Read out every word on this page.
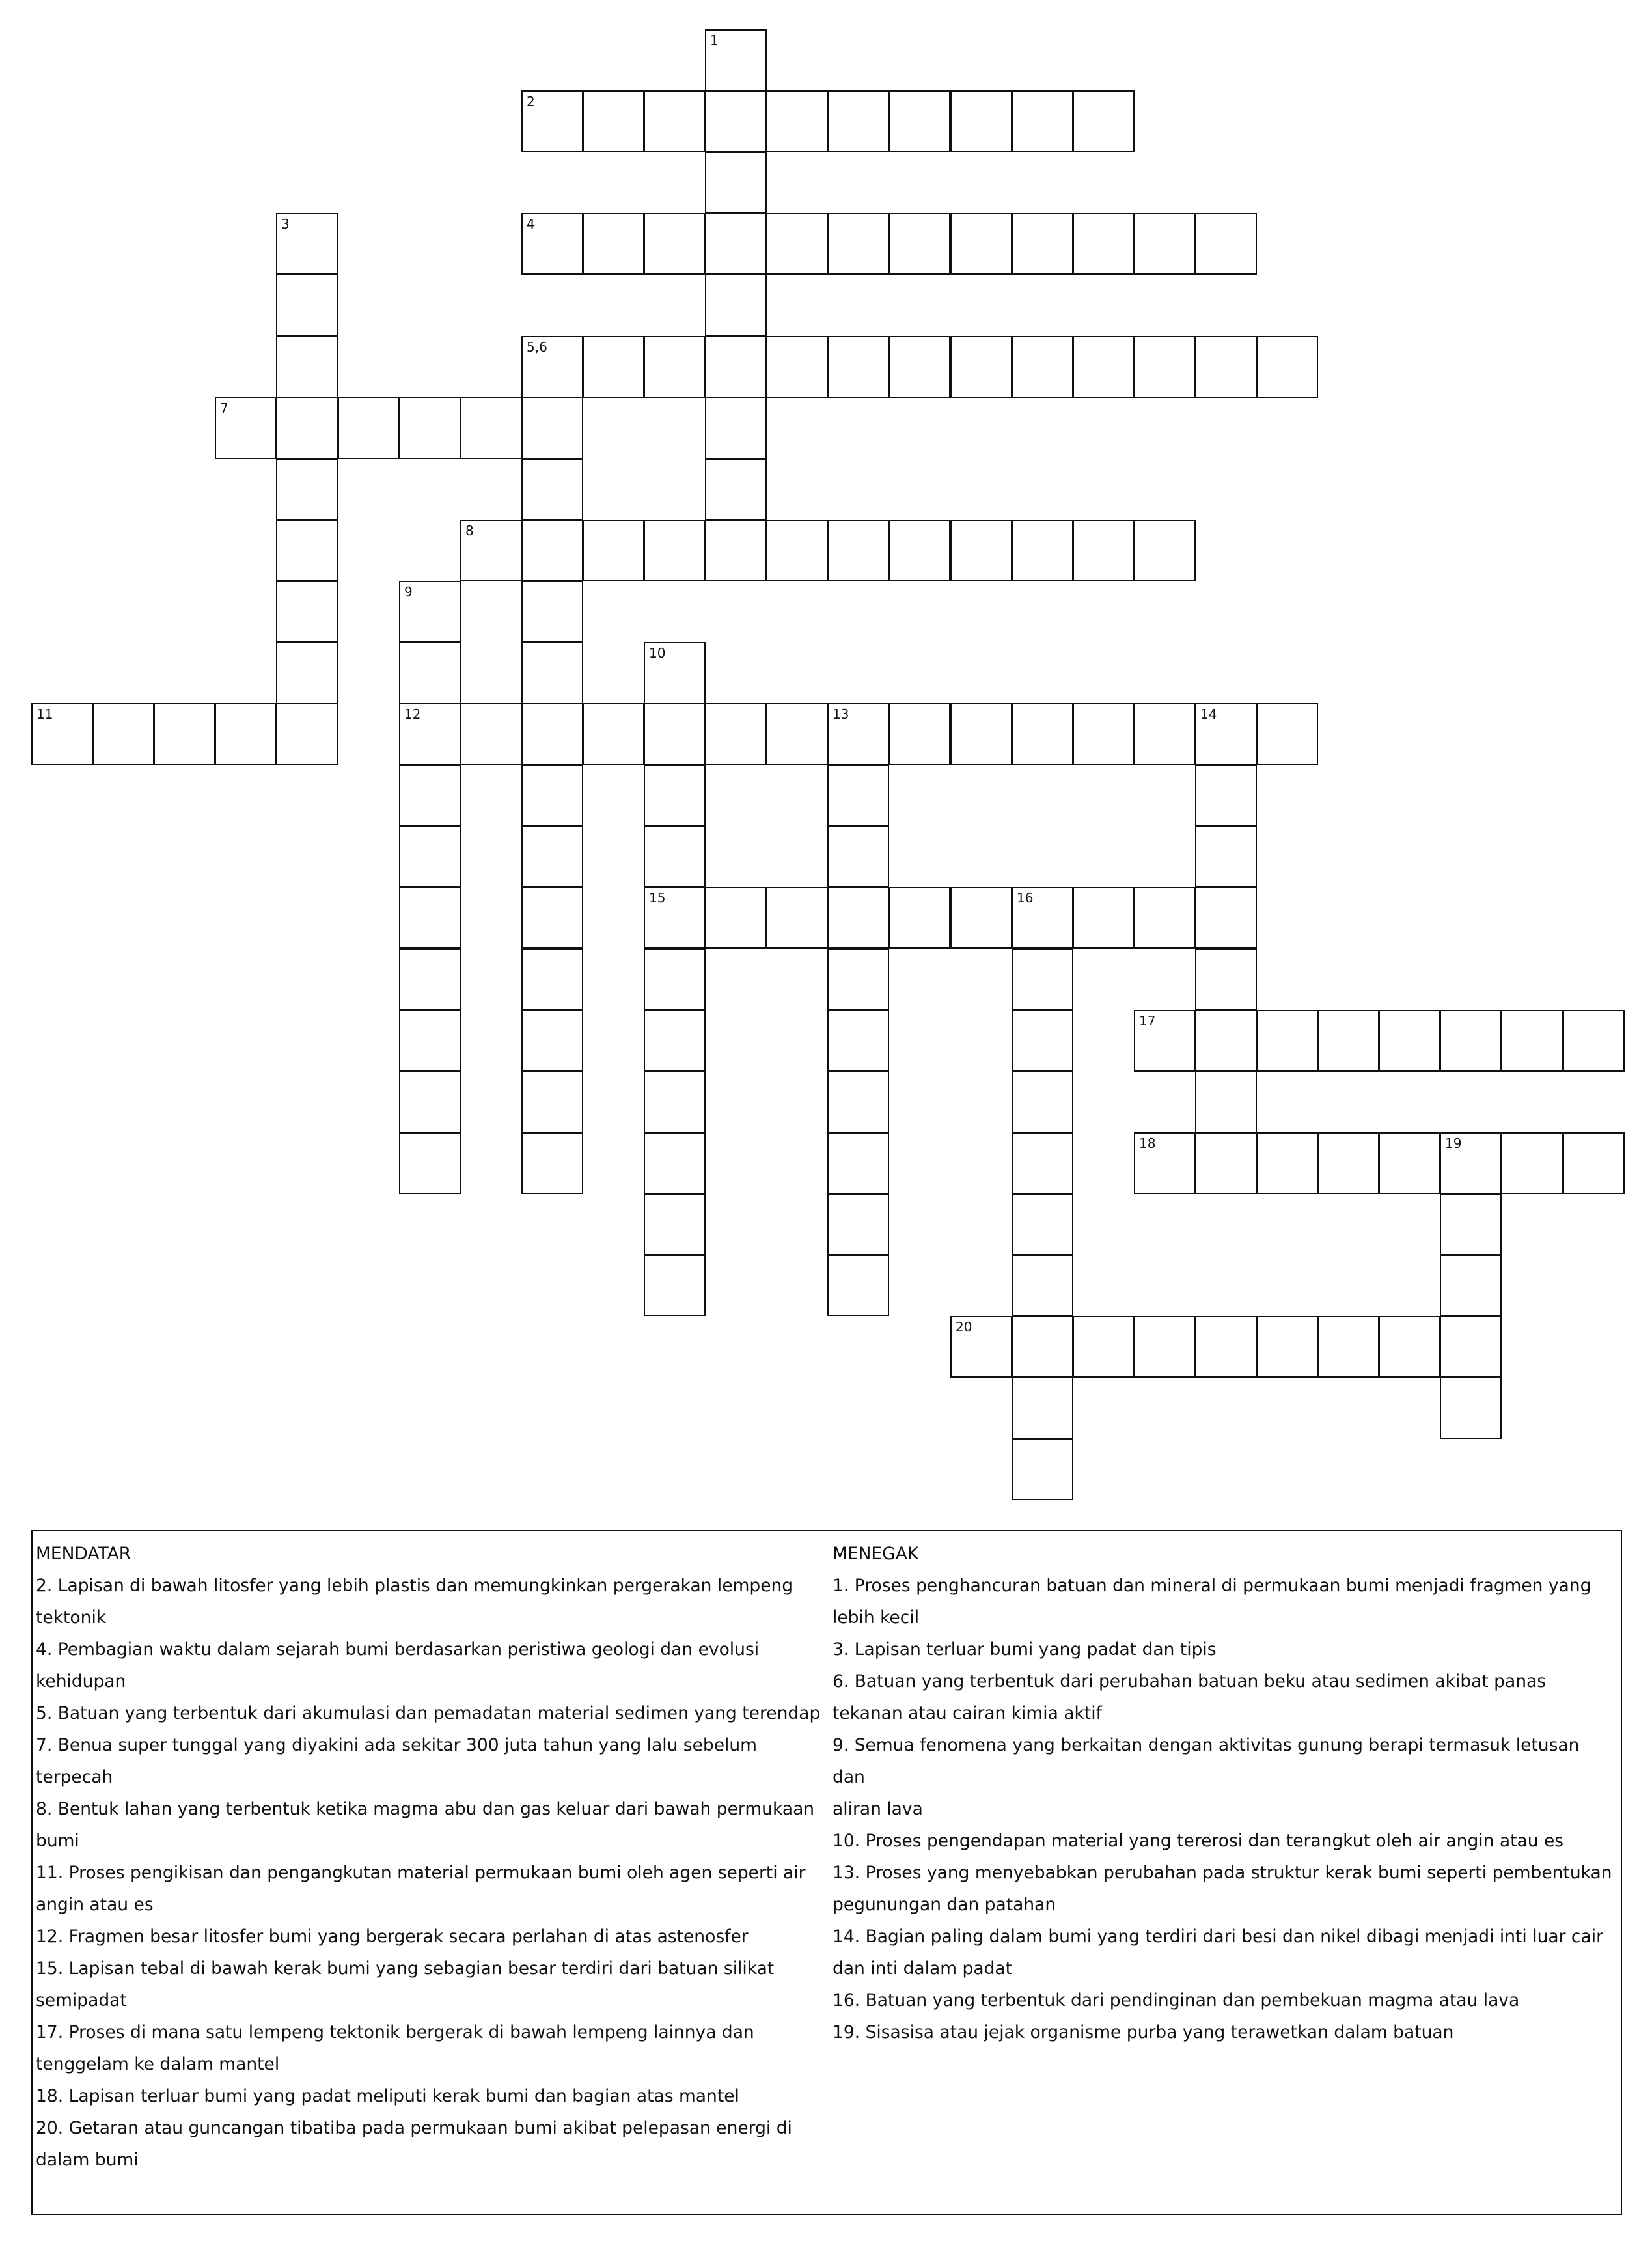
1
2
3	4
5,6
7
8
9
12
10
15
11	13	14
16
17
18	19
20

MENDATAR

2. Lapisan di bawah litosfer yang lebih plastis dan memungkinkan pergerakan lempeng

tektonik

4. Pembagian waktu dalam sejarah bumi berdasarkan peristiwa geologi dan evolusi

kehidupan

5. Batuan yang terbentuk dari akumulasi dan pemadatan material sedimen yang terendap

7. Benua super tunggal yang diyakini ada sekitar 300 juta tahun yang lalu sebelum

terpecah

8. Bentuk lahan yang terbentuk ketika magma abu dan gas keluar dari bawah permukaan

bumi

11. Proses pengikisan dan pengangkutan material permukaan bumi oleh agen seperti air

angin atau es

12. Fragmen besar litosfer bumi yang bergerak secara perlahan di atas astenosfer

15. Lapisan tebal di bawah kerak bumi yang sebagian besar terdiri dari batuan silikat

semipadat

17. Proses di mana satu lempeng tektonik bergerak di bawah lempeng lainnya dan

tenggelam ke dalam mantel

18. Lapisan terluar bumi yang padat meliputi kerak bumi dan bagian atas mantel

20. Getaran atau guncangan tibatiba pada permukaan bumi akibat pelepasan energi di

dalam bumi

MENEGAK

1. Proses penghancuran batuan dan mineral di permukaan bumi menjadi fragmen yang

lebih kecil

3. Lapisan terluar bumi yang padat dan tipis

6. Batuan yang terbentuk dari perubahan batuan beku atau sedimen akibat panas

tekanan atau cairan kimia aktif

9. Semua fenomena yang berkaitan dengan aktivitas gunung berapi termasuk letusan dan

aliran lava

10. Proses pengendapan material yang tererosi dan terangkut oleh air angin atau es

13. Proses yang menyebabkan perubahan pada struktur kerak bumi seperti pembentukan

pegunungan dan patahan

14. Bagian paling dalam bumi yang terdiri dari besi dan nikel dibagi menjadi inti luar cair

dan inti dalam padat

16. Batuan yang terbentuk dari pendinginan dan pembekuan magma atau lava

19. Sisasisa atau jejak organisme purba yang terawetkan dalam batuan
